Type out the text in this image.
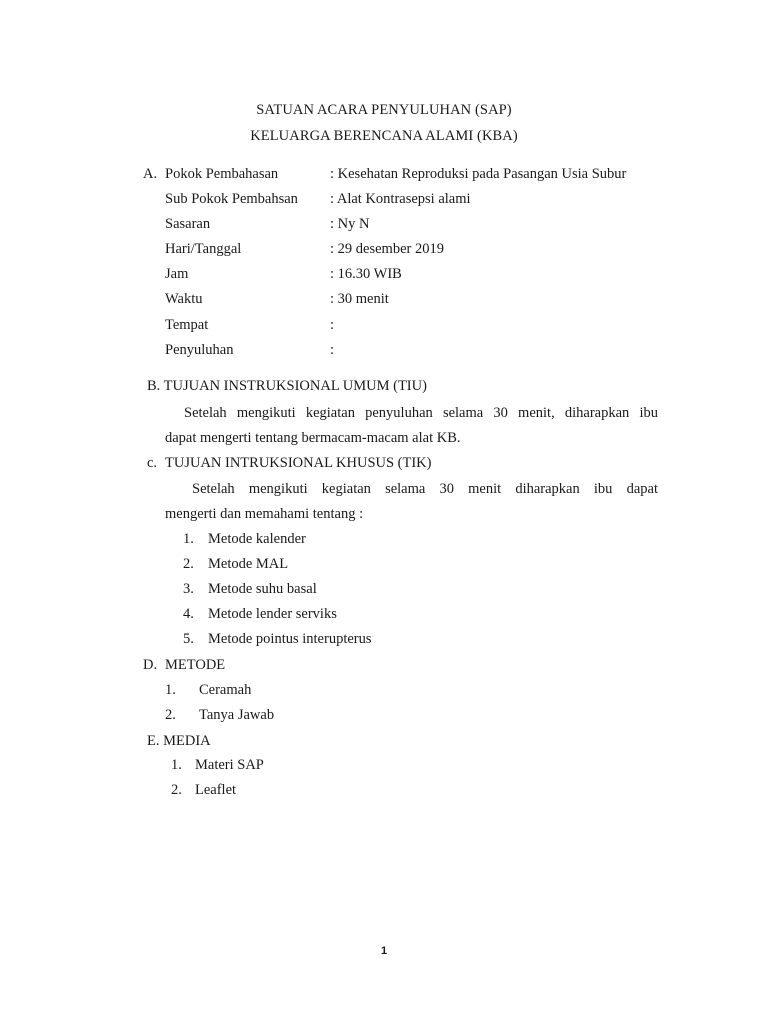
SATUAN ACARA PENYULUHAN (SAP)
KELUARGA BERENCANA ALAMI (KBA)
A. Pokok Pembahasan	: Kesehatan Reproduksi pada Pasangan Usia Subur
Sub Pokok Pembahsan : Alat Kontrasepsi alami
Sasaran	: Ny N
Hari/Tanggal	: 29 desember 2019
Jam	: 16.30 WIB
Waktu	: 30 menit
Tempat	:
Penyuluhan	:
B. TUJUAN INSTRUKSIONAL UMUM (TIU)
Setelah mengikuti kegiatan penyuluhan selama 30 menit, diharapkan ibu
dapat mengerti tentang bermacam-macam alat KB.
c. TUJUAN INTRUKSIONAL KHUSUS (TIK)
Setelah mengikuti kegiatan selama 30 menit diharapkan ibu dapat
mengerti dan memahami tentang :
1. Metode kalender
2. Metode MAL
3. Metode suhu basal
4. Metode lender serviks
5. Metode pointus interupterus
D. METODE
1. Ceramah
2. Tanya Jawab
E. MEDIA
1. Materi SAP
2. Leaflet
1
